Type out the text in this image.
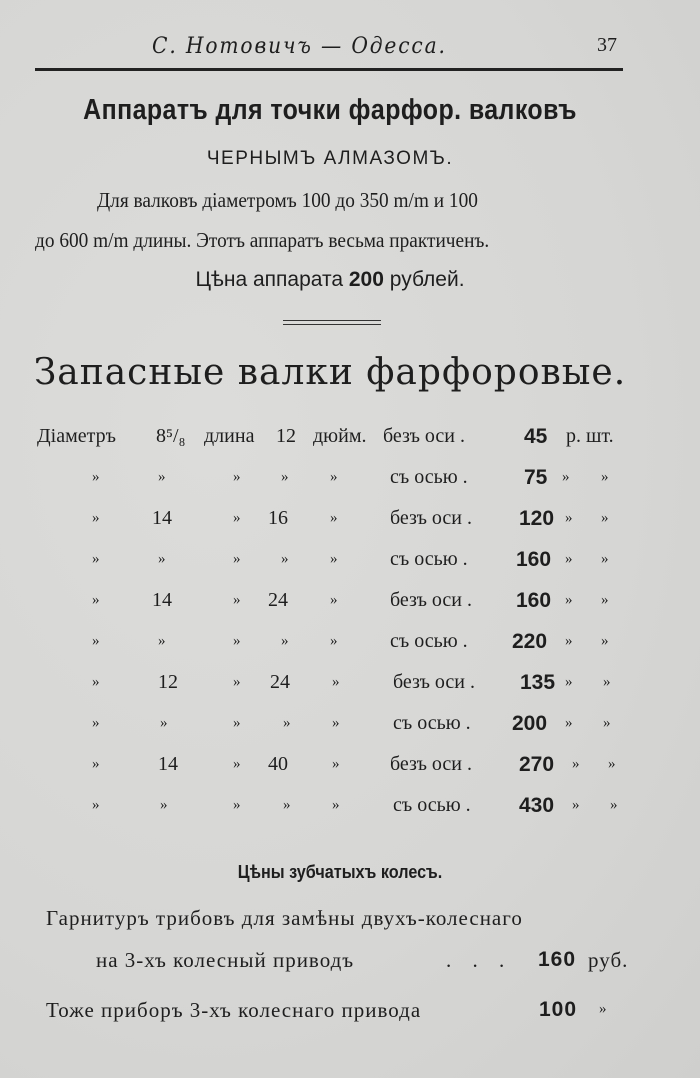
С. Нотовичъ — Одесса.	37
Аппаратъ для точки фарфор. валковъ
ЧЕРНЫМЪ АЛМАЗОМЪ.
Для валковъ діаметромъ 100 до 350 m/m и 100
до 600 m/m длины. Этотъ аппаратъ весьма практиченъ.
Цѣна аппарата 200 рублей.
Запасные валки фарфоровые.
Діаметръ 8⁵/₈ длина 12 дюйм. безъ оси .	45 р. шт.
»	»	»	»	»	съ осью .	75 » »
»	14	» 16	»	безъ оси . 120 » »
»	»	»	»	»	съ осью . 160 » »
»	14	» 24	»	безъ оси . 160 » »
»	»	»	»	»	съ осью . 220 » »
»	12	» 24	»	безъ оси . 135 » »
»	»	»	»	»	съ осью . 200 » »
»	14	» 40	»	безъ оси . 270 » »
»	»	»	»	»	съ осью . 430 » »
Цѣны зубчатыхъ колесъ.
Гарнитуръ трибовъ для замѣны двухъ-колеснаго
на 3-хъ колесный приводъ	. . . 160 руб.
Тоже приборъ 3-хъ колеснаго привода	100 »
